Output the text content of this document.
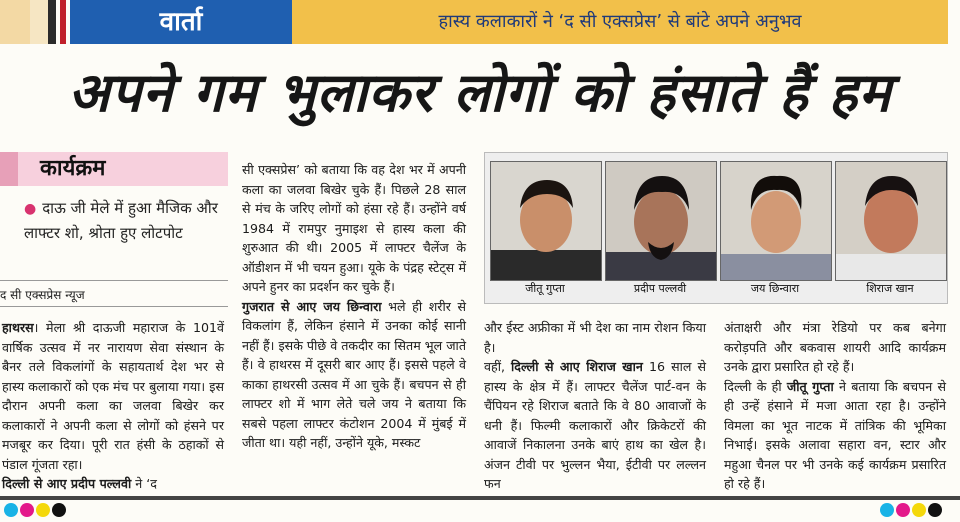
वार्ता	हास्य कलाकारों ने ‘द सी एक्सप्रेस’ से बांटे अपने अनुभव
अपने गम भुलाकर लोगों को हंसाते हैं हम
कार्यक्रम
● दाऊ जी मेले में हुआ मैजिक और लाफ्टर शो, श्रोता हुए लोटपोट
द सी एक्सप्रेस न्यूज
हाथरस। मेला श्री दाऊजी महाराज के 101वें वार्षिक उत्सव में नर नारायण सेवा संस्थान के बैनर तले विकलांगों के सहायतार्थ देश भर से हास्य कलाकारों को एक मंच पर बुलाया गया। इस दौरान अपनी कला का जलवा बिखेर कर कलाकारों ने अपनी कला से लोगों को हंसने पर मजबूर कर दिया। पूरी रात हंसी के ठहाकों से पंडाल गूंजता रहा।
दिल्ली से आए प्रदीप पल्लवी ने ‘द
सी एक्सप्रेस’ को बताया कि वह देश भर में अपनी कला का जलवा बिखेर चुके हैं। पिछले 28 साल से मंच के जरिए लोगों को हंसा रहे हैं। उन्होंने वर्ष 1984 में रामपुर नुमाइश से हास्य कला की शुरुआत की थी। 2005 में लाफ्टर चैलेंज के ऑडीशन में भी चयन हुआ। यूके के पंद्रह स्टेट्स में अपने हुनर का प्रदर्शन कर चुके हैं।
गुजरात से आए जय छिन्वारा भले ही शरीर से विकलांग हैं, लेकिन हंसाने में उनका कोई सानी नहीं हैं। इसके पीछे वे तकदीर का सितम भूल जाते हैं। वे हाथरस में दूसरी बार आए हैं। इससे पहले वे काका हाथरसी उत्सव में आ चुके हैं। बचपन से ही लाफ्टर शो में भाग लेते चले जय ने बताया कि सबसे पहला लाफ्टर कंटोशन 2004 में मुंबई में जीता था। यही नहीं, उन्होंने यूके, मस्कट
जीतू गुप्ता	प्रदीप पल्लवी	जय छिन्वारा	शिराज खान
और ईस्ट अफ्रीका में भी देश का नाम रोशन किया है।
वहीं, दिल्ली से आए शिराज खान 16 साल से हास्य के क्षेत्र में हैं। लाफ्टर चैलेंज पार्ट-वन के चैंपियन रहे शिराज बताते कि वे 80 आवाजों के धनी हैं। फिल्मी कलाकारों और क्रिकेटरों की आवाजें निकालना उनके बाएं हाथ का खेल है। अंजन टीवी पर भुल्लन भैया, ईटीवी पर लल्लन फन
अंताक्षरी और मंत्रा रेडियो पर कब बनेगा करोड़पति और बकवास शायरी आदि कार्यक्रम उनके द्वारा प्रसारित हो रहे हैं।
दिल्ली के ही जीतू गुप्ता ने बताया कि बचपन से ही उन्हें हंसाने में मजा आता रहा है। उन्होंने विमला का भूत नाटक में तांत्रिक की भूमिका निभाई। इसके अलावा सहारा वन, स्टार और महुआ चैनल पर भी उनके कई कार्यक्रम प्रसारित हो रहे हैं।
